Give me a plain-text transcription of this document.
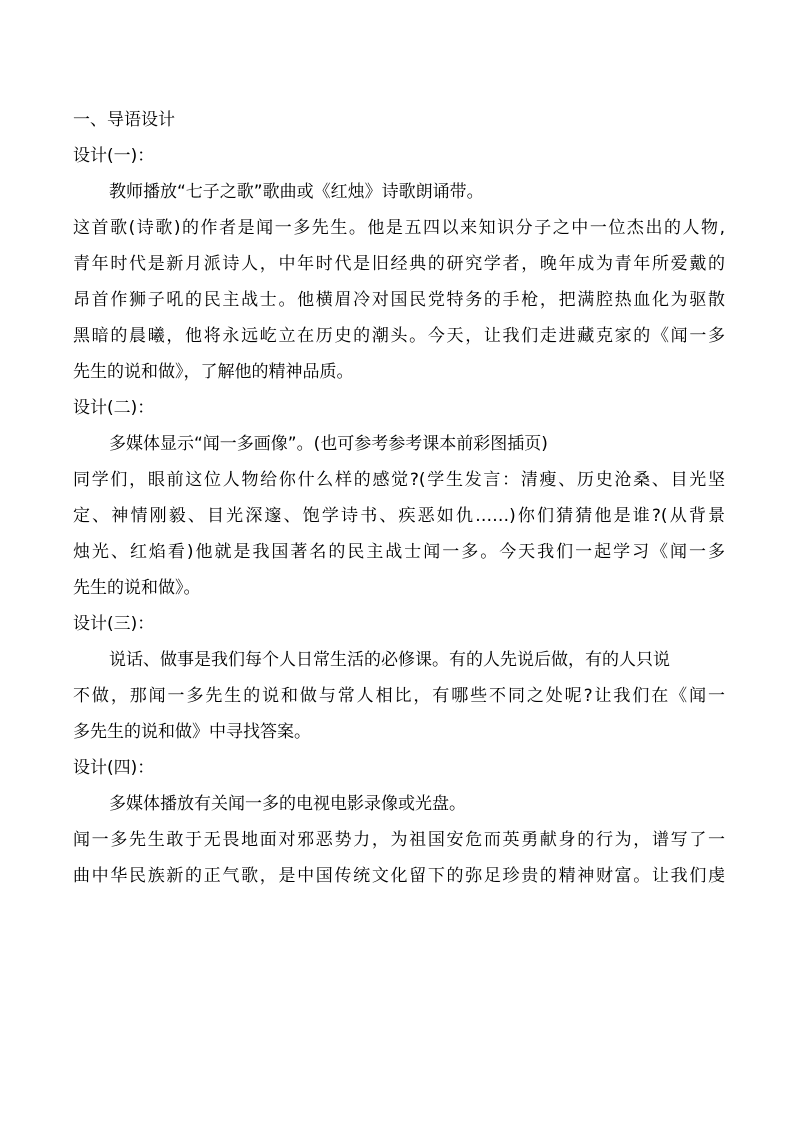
一、导语设计
设计(一)：
教师播放“七子之歌”歌曲或《红烛》诗歌朗诵带。
这首歌(诗歌)的作者是闻一多先生。他是五四以来知识分子之中一位杰出的人物,
青年时代是新月派诗人，中年时代是旧经典的研究学者，晚年成为青年所爱戴的
昂首作狮子吼的民主战士。他横眉冷对国民党特务的手枪，把满腔热血化为驱散
黑暗的晨曦，他将永远屹立在历史的潮头。今天，让我们走进藏克家的《闻一多
先生的说和做》，了解他的精神品质。
设计(二)：
多媒体显示“闻一多画像”。(也可参考参考课本前彩图插页)
同学们，眼前这位人物给你什么样的感觉?(学生发言：清瘦、历史沧桑、目光坚
定、神情刚毅、目光深邃、饱学诗书、疾恶如仇……)你们猜猜他是谁?(从背景
烛光、红焰看)他就是我国著名的民主战士闻一多。今天我们一起学习《闻一多
先生的说和做》。
设计(三)：
说话、做事是我们每个人日常生活的必修课。有的人先说后做，有的人只说
不做，那闻一多先生的说和做与常人相比，有哪些不同之处呢?让我们在《闻一
多先生的说和做》中寻找答案。
设计(四)：
多媒体播放有关闻一多的电视电影录像或光盘。
闻一多先生敢于无畏地面对邪恶势力，为祖国安危而英勇献身的行为，谱写了一
曲中华民族新的正气歌，是中国传统文化留下的弥足珍贵的精神财富。让我们虔
